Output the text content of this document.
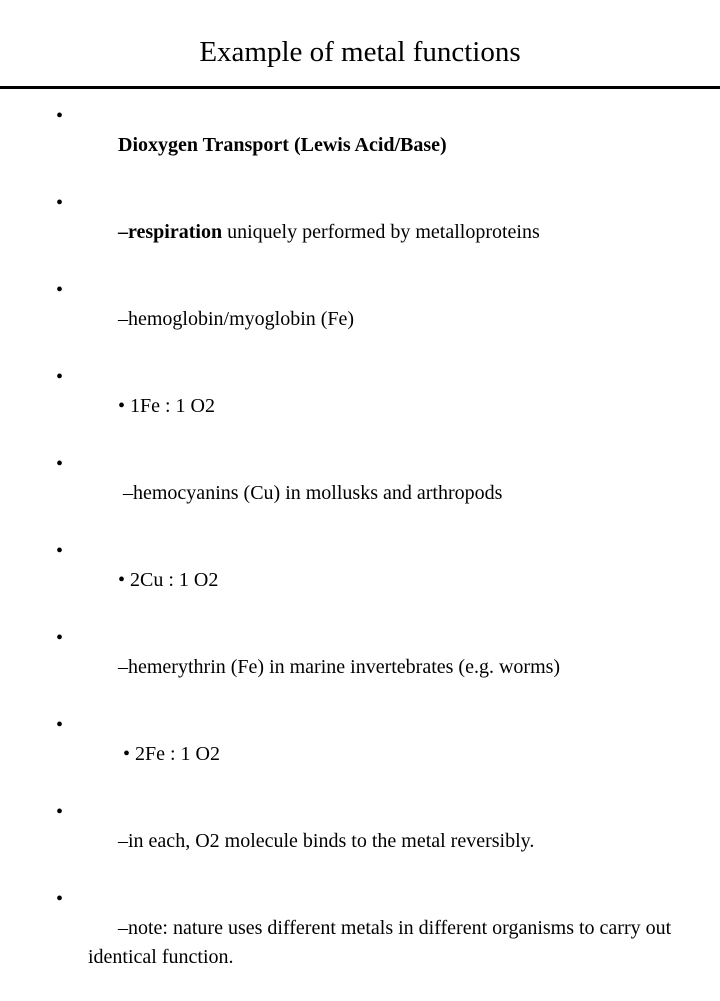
Example of metal functions

•
Dioxygen Transport (Lewis Acid/Base)

•
–respiration uniquely performed by metalloproteins

•
–hemoglobin/myoglobin (Fe)

•
• 1Fe : 1 O2

•
–hemocyanins (Cu) in mollusks and arthropods

•
• 2Cu : 1 O2

•
–hemerythrin (Fe) in marine invertebrates (e.g. worms)

•
• 2Fe : 1 O2

•
–in each, O2 molecule binds to the metal reversibly.

•
–note: nature uses different metals in different organisms to carry out identical function.
